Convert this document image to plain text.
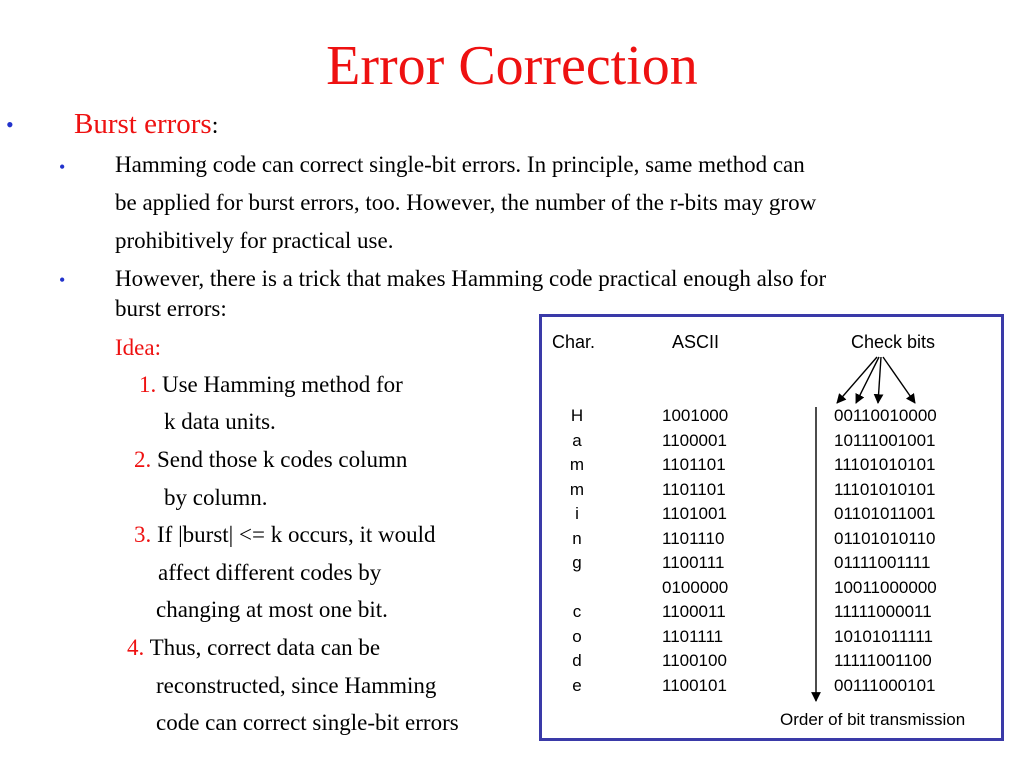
Error Correction
• Burst errors:
• Hamming code can correct single-bit errors. In principle, same method can
be applied for burst errors, too. However, the number of the r-bits may grow
prohibitively for practical use.
• However, there is a trick that makes Hamming code practical enough also for
burst errors:
Idea:
1. Use Hamming method for
k data units.
2. Send those k codes column
by column.
3. If |burst| <= k occurs, it would
affect different codes by
changing at most one bit.
4. Thus, correct data can be
reconstructed, since Hamming
code can correct single-bit errors
Char.	ASCII	Check bits
H
a
m
m
i
n
g
c
o
d
e
1001000
1100001
1101101
1101101
1101001
1101110
1100111
0100000
1100011
1101111
1100100
1100101
00110010000
10111001001
11101010101
11101010101
01101011001
01101010110
01111001111
10011000000
11111000011
10101011111
11111001100
00111000101
Order of bit transmission
